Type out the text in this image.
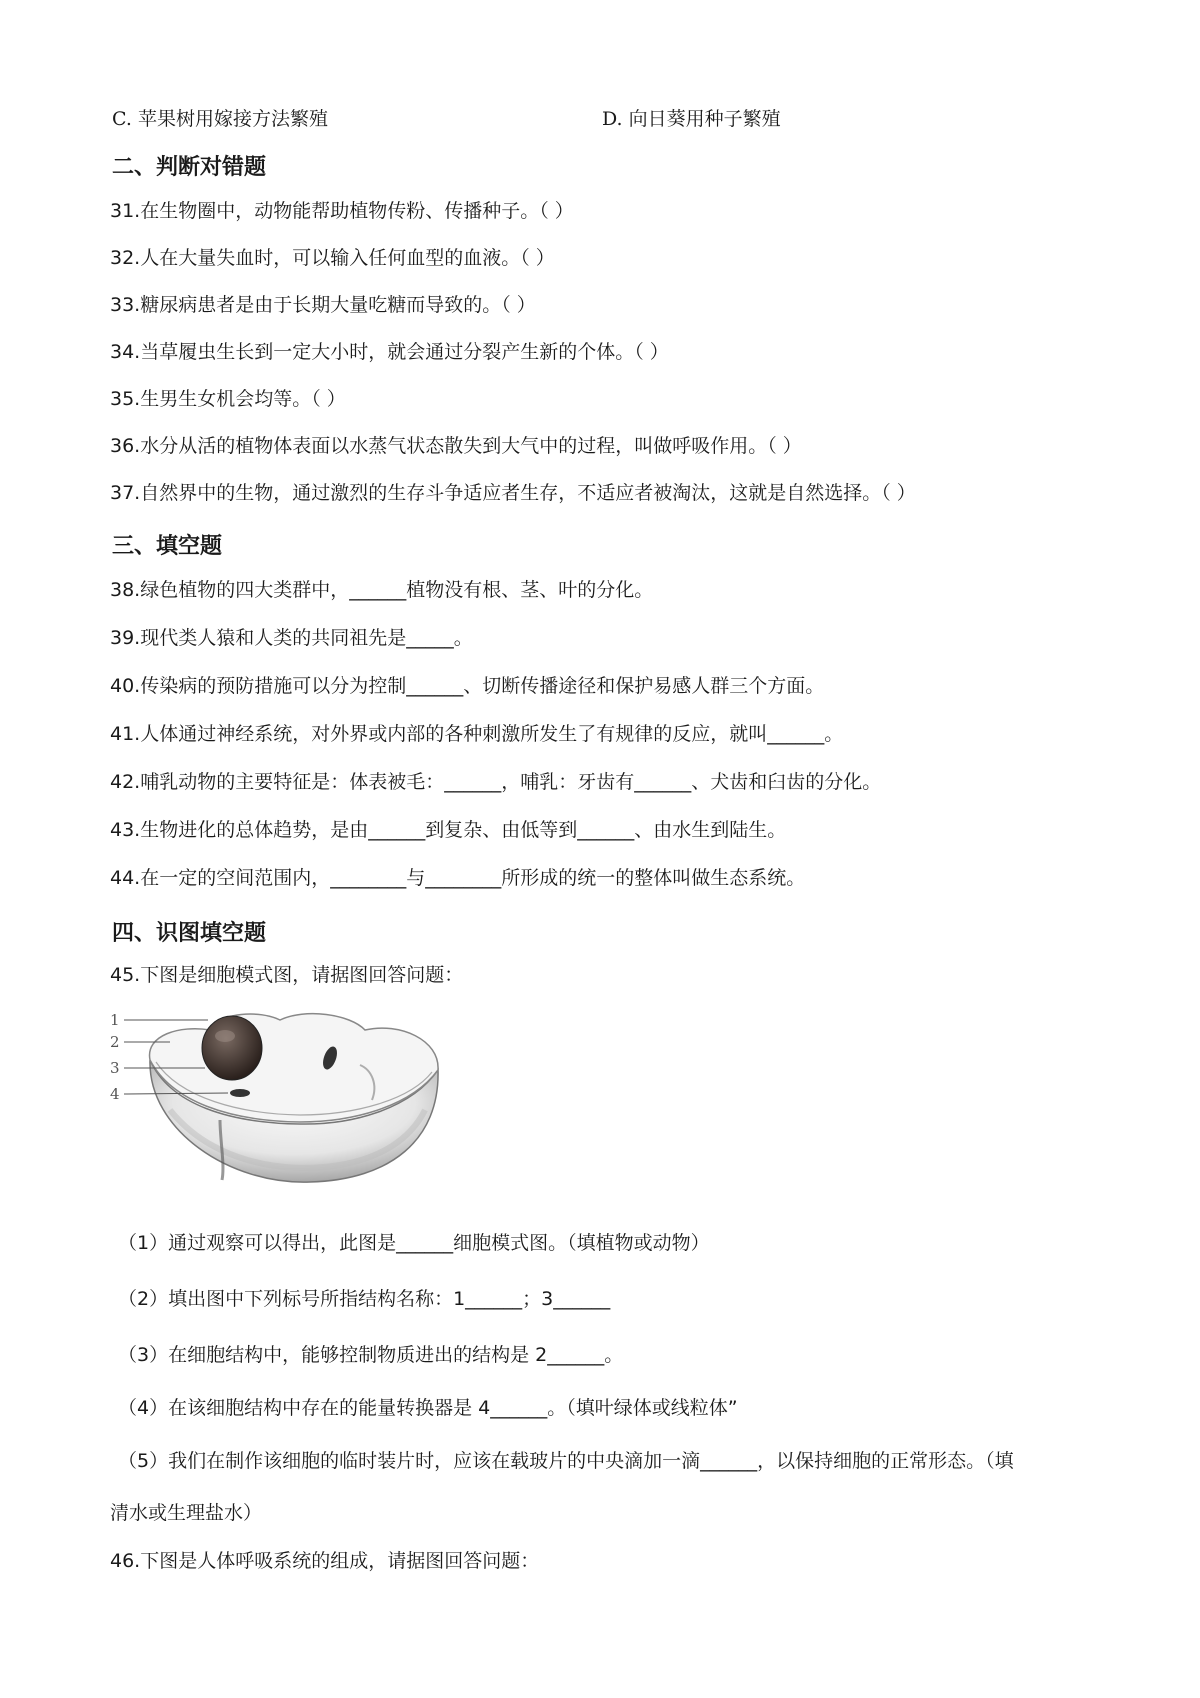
C. 苹果树用嫁接方法繁殖	D. 向日葵用种子繁殖
二、判断对错题
31.在生物圈中，动物能帮助植物传粉、传播种子。（ ）
32.人在大量失血时，可以输入任何血型的血液。（ ）
33.糖尿病患者是由于长期大量吃糖而导致的。（ ）
34.当草履虫生长到一定大小时，就会通过分裂产生新的个体。（ ）
35.生男生女机会均等。（ ）
36.水分从活的植物体表面以水蒸气状态散失到大气中的过程，叫做呼吸作用。（ ）
37.自然界中的生物，通过激烈的生存斗争适应者生存，不适应者被淘汰，这就是自然选择。（ ）
三、填空题
38.绿色植物的四大类群中，______植物没有根、茎、叶的分化。
39.现代类人猿和人类的共同祖先是_____。
40.传染病的预防措施可以分为控制______、切断传播途径和保护易感人群三个方面。
41.人体通过神经系统，对外界或内部的各种刺激所发生了有规律的反应，就叫______。
42.哺乳动物的主要特征是：体表被毛：______，哺乳：牙齿有______、犬齿和臼齿的分化。
43.生物进化的总体趋势，是由______到复杂、由低等到______、由水生到陆生。
44.在一定的空间范围内，________与________所形成的统一的整体叫做生态系统。
四、识图填空题
45.下图是细胞模式图，请据图回答问题：
1
2
3
4
（1）通过观察可以得出，此图是______细胞模式图。（填植物或动物）
（2）填出图中下列标号所指结构名称：1______；3______
（3）在细胞结构中，能够控制物质进出的结构是 2______。
（4）在该细胞结构中存在的能量转换器是 4______。（填叶绿体或线粒体”
（5）我们在制作该细胞的临时装片时，应该在载玻片的中央滴加一滴______，以保持细胞的正常形态。（填
清水或生理盐水）
46.下图是人体呼吸系统的组成，请据图回答问题：
